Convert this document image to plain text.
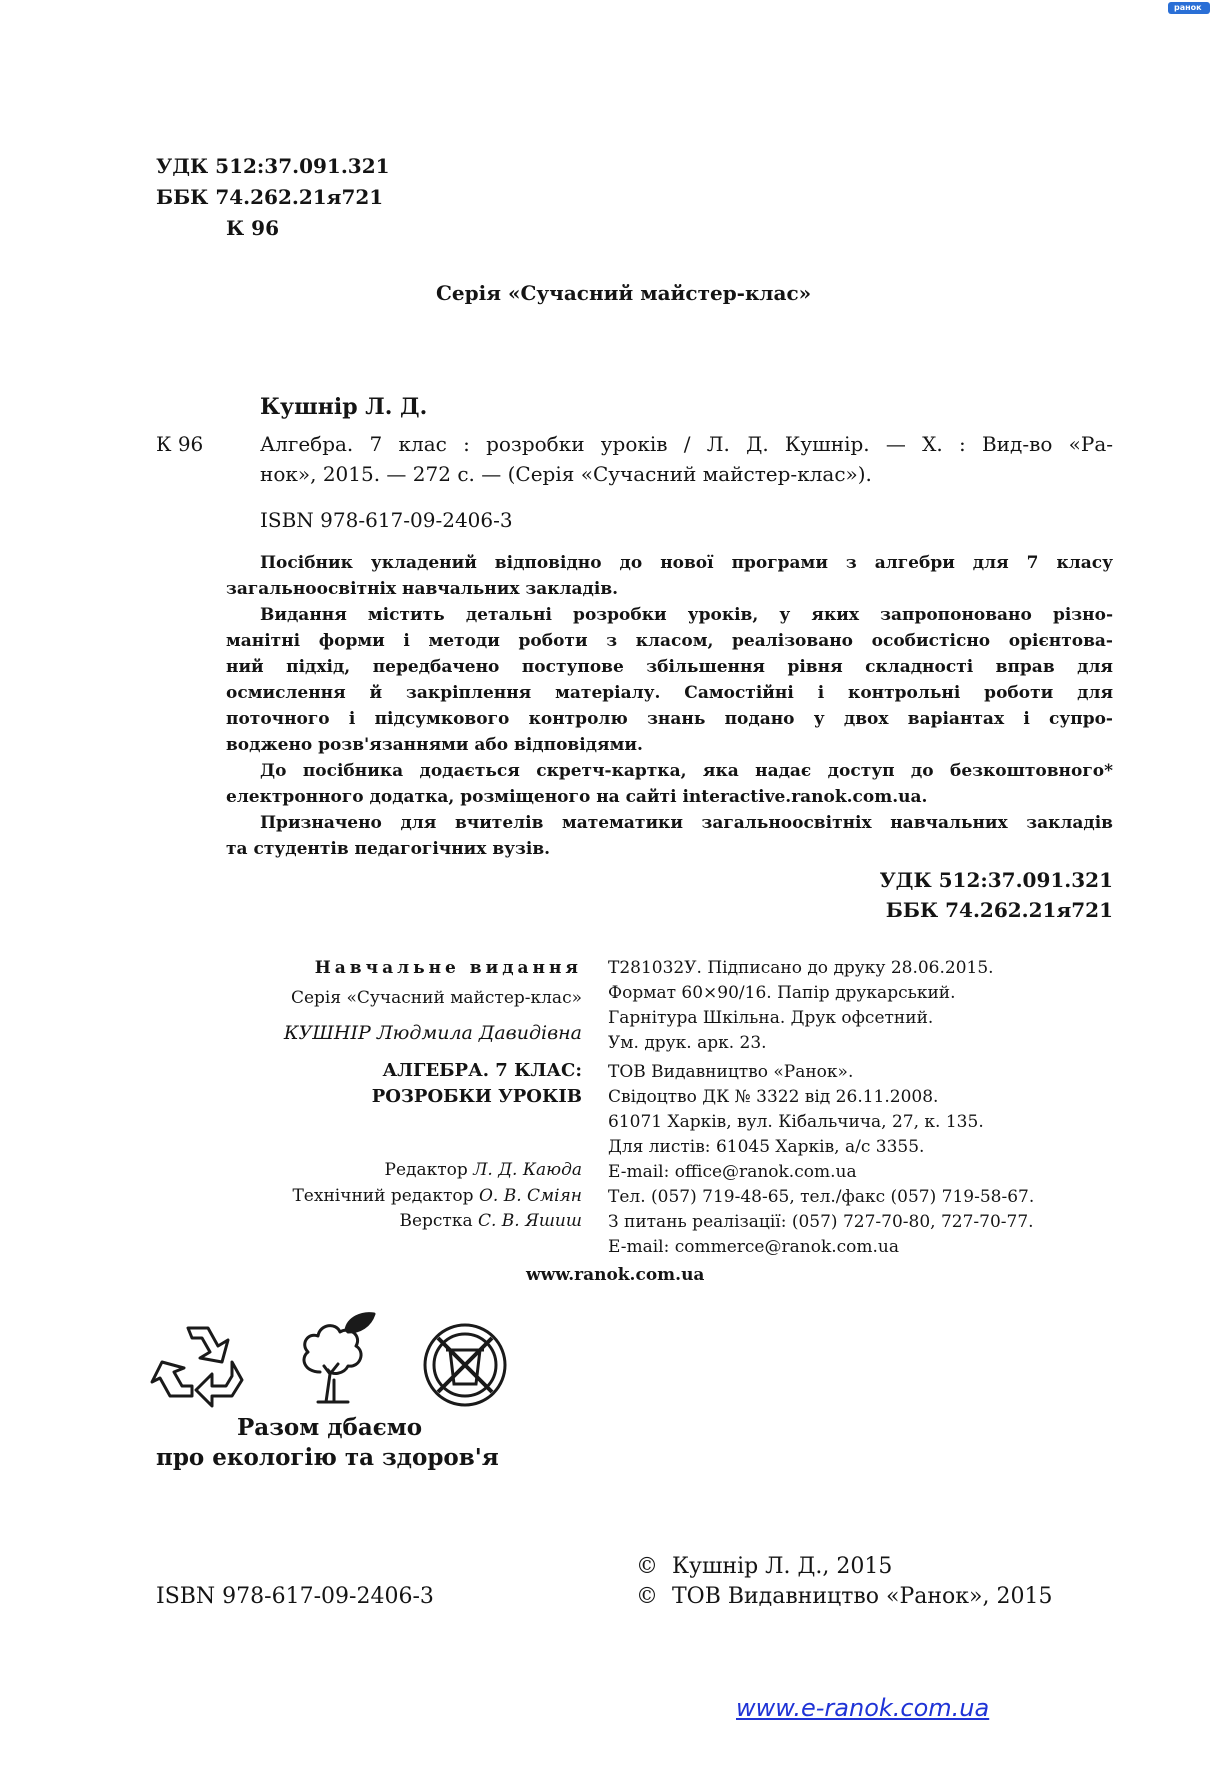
ранок
УДК 512:37.091.321
ББК 74.262.21я721
К 96
Серія «Сучасний майстер-клас»
Кушнір Л. Д.
К 96	Алгебра. 7 клас : розробки уроків / Л. Д. Кушнір. — Х. : Вид-во «Ра-
нок», 2015. — 272 с. — (Серія «Сучасний майстер-клас»).
ISBN 978-617-09-2406-3
Посібник укладений відповідно до нової програми з алгебри для 7 класу
загальноосвітніх навчальних закладів.
Видання містить детальні розробки уроків, у яких запропоновано різно-
манітні форми і методи роботи з класом, реалізовано особистісно орієнтова-
ний підхід, передбачено поступове збільшення рівня складності вправ для
осмислення й закріплення матеріалу. Самостійні і контрольні роботи для
поточного і підсумкового контролю знань подано у двох варіантах і супро-
воджено розв'язаннями або відповідями.
До посібника додається скретч-картка, яка надає доступ до безкоштовного*
електронного додатка, розміщеного на сайті interactive.ranok.com.ua.
Призначено для вчителів математики загальноосвітніх навчальних закладів
та студентів педагогічних вузів.
УДК 512:37.091.321
ББК 74.262.21я721
Навчальне видання
Серія «Сучасний майстер-клас»
КУШНІР Людмила Давидівна
АЛГЕБРА. 7 КЛАС:
РОЗРОБКИ УРОКІВ
Редактор Л. Д. Каюда
Технічний редактор О. В. Сміян
Верстка С. В. Яшиш
Т281032У. Підписано до друку 28.06.2015.
Формат 60×90/16. Папір друкарський.
Гарнітура Шкільна. Друк офсетний.
Ум. друк. арк. 23.
ТОВ Видавництво «Ранок».
Свідоцтво ДК № 3322 від 26.11.2008.
61071 Харків, вул. Кібальчича, 27, к. 135.
Для листів: 61045 Харків, а/с 3355.
E-mail: office@ranok.com.ua
Тел. (057) 719-48-65, тел./факс (057) 719-58-67.
З питань реалізації: (057) 727-70-80, 727-70-77.
E-mail: commerce@ranok.com.ua
www.ranok.com.ua
Разом дбаємо
про екологію та здоров'я
©  Кушнір Л. Д., 2015
©  ТОВ Видавництво «Ранок», 2015
ISBN 978-617-09-2406-3
www.e-ranok.com.ua
